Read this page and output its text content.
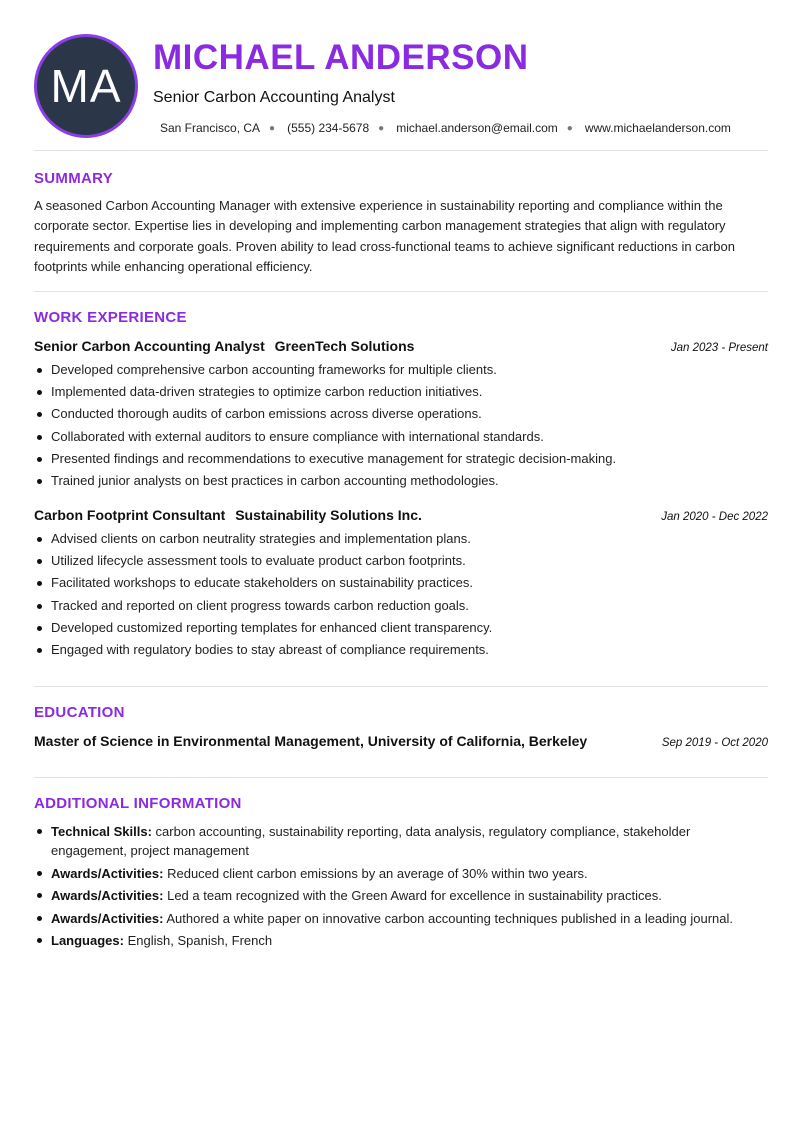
MA
MICHAEL ANDERSON
Senior Carbon Accounting Analyst
San Francisco, CA ● (555) 234-5678 ● michael.anderson@email.com ● www.michaelanderson.com
SUMMARY
A seasoned Carbon Accounting Manager with extensive experience in sustainability reporting and compliance within the corporate sector. Expertise lies in developing and implementing carbon management strategies that align with regulatory requirements and corporate goals. Proven ability to lead cross-functional teams to achieve significant reductions in carbon footprints while enhancing operational efficiency.
WORK EXPERIENCE
Senior Carbon Accounting Analyst GreenTech Solutions	Jan 2023 - Present
Developed comprehensive carbon accounting frameworks for multiple clients.
Implemented data-driven strategies to optimize carbon reduction initiatives.
Conducted thorough audits of carbon emissions across diverse operations.
Collaborated with external auditors to ensure compliance with international standards.
Presented findings and recommendations to executive management for strategic decision-making.
Trained junior analysts on best practices in carbon accounting methodologies.
Carbon Footprint Consultant Sustainability Solutions Inc.	Jan 2020 - Dec 2022
Advised clients on carbon neutrality strategies and implementation plans.
Utilized lifecycle assessment tools to evaluate product carbon footprints.
Facilitated workshops to educate stakeholders on sustainability practices.
Tracked and reported on client progress towards carbon reduction goals.
Developed customized reporting templates for enhanced client transparency.
Engaged with regulatory bodies to stay abreast of compliance requirements.
EDUCATION
Master of Science in Environmental Management, University of California, Berkeley	Sep 2019 - Oct 2020
ADDITIONAL INFORMATION
Technical Skills: carbon accounting, sustainability reporting, data analysis, regulatory compliance, stakeholder engagement, project management
Awards/Activities: Reduced client carbon emissions by an average of 30% within two years.
Awards/Activities: Led a team recognized with the Green Award for excellence in sustainability practices.
Awards/Activities: Authored a white paper on innovative carbon accounting techniques published in a leading journal.
Languages: English, Spanish, French
